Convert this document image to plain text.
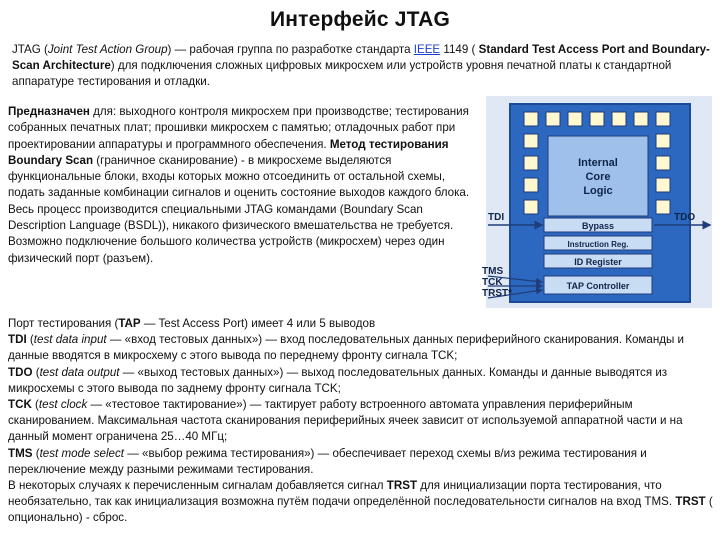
Интерфейс JTAG

JTAG (Joint Test Action Group) — рабочая группа по разработке стандарта IEEE 1149 ( Standard Test Access Port and Boundary-Scan Architecture) для подключения сложных цифровых микросхем или устройств уровня печатной платы к стандартной аппаратуре тестирования и отладки.

Предназначен для: выходного контроля микросхем при производстве; тестирования собранных печатных плат; прошивки микросхем с памятью; отладочных работ при проектировании аппаратуры и программного обеспечения. Метод тестирования Boundary Scan (граничное сканирование) - в микросхеме выделяются функциональные блоки, входы которых можно отсоединить от остальной схемы, подать заданные комбинации сигналов и оценить состояние выходов каждого блока. Весь процесс производится специальными JTAG командами (Boundary Scan Description Language (BSDL)), никакого физического вмешательства не требуется. Возможно подключение большого количества устройств (микросхем) через один физический порт (разъем).

Internal
Core
Logic
Bypass
Instruction Reg.
ID Register
TAP Controller
TDI	TDO
TMS
TCK
TRST*

Порт тестирования (TAP — Test Access Port) имеет 4 или 5 выводов

TDI (test data input — «вход тестовых данных») — вход последовательных данных периферийного сканирования. Команды и данные вводятся в микросхему с этого вывода по переднему фронту сигнала TCK;

TDO (test data output — «выход тестовых данных») — выход последовательных данных. Команды и данные выводятся из микросхемы с этого вывода по заднему фронту сигнала TCK;

TCK (test clock — «тестовое тактирование») — тактирует работу встроенного автомата управления периферийным сканированием. Максимальная частота сканирования периферийных ячеек зависит от используемой аппаратной части и на данный момент ограничена 25…40 МГц;

TMS (test mode select — «выбор режима тестирования») — обеспечивает переход схемы в/из режима тестирования и переключение между разными режимами тестирования.

В некоторых случаях к перечисленным сигналам добавляется сигнал TRST для инициализации порта тестирования, что необязательно, так как инициализация возможна путём подачи определённой последовательности сигналов на вход TMS. TRST ( опционально) - сброс.
